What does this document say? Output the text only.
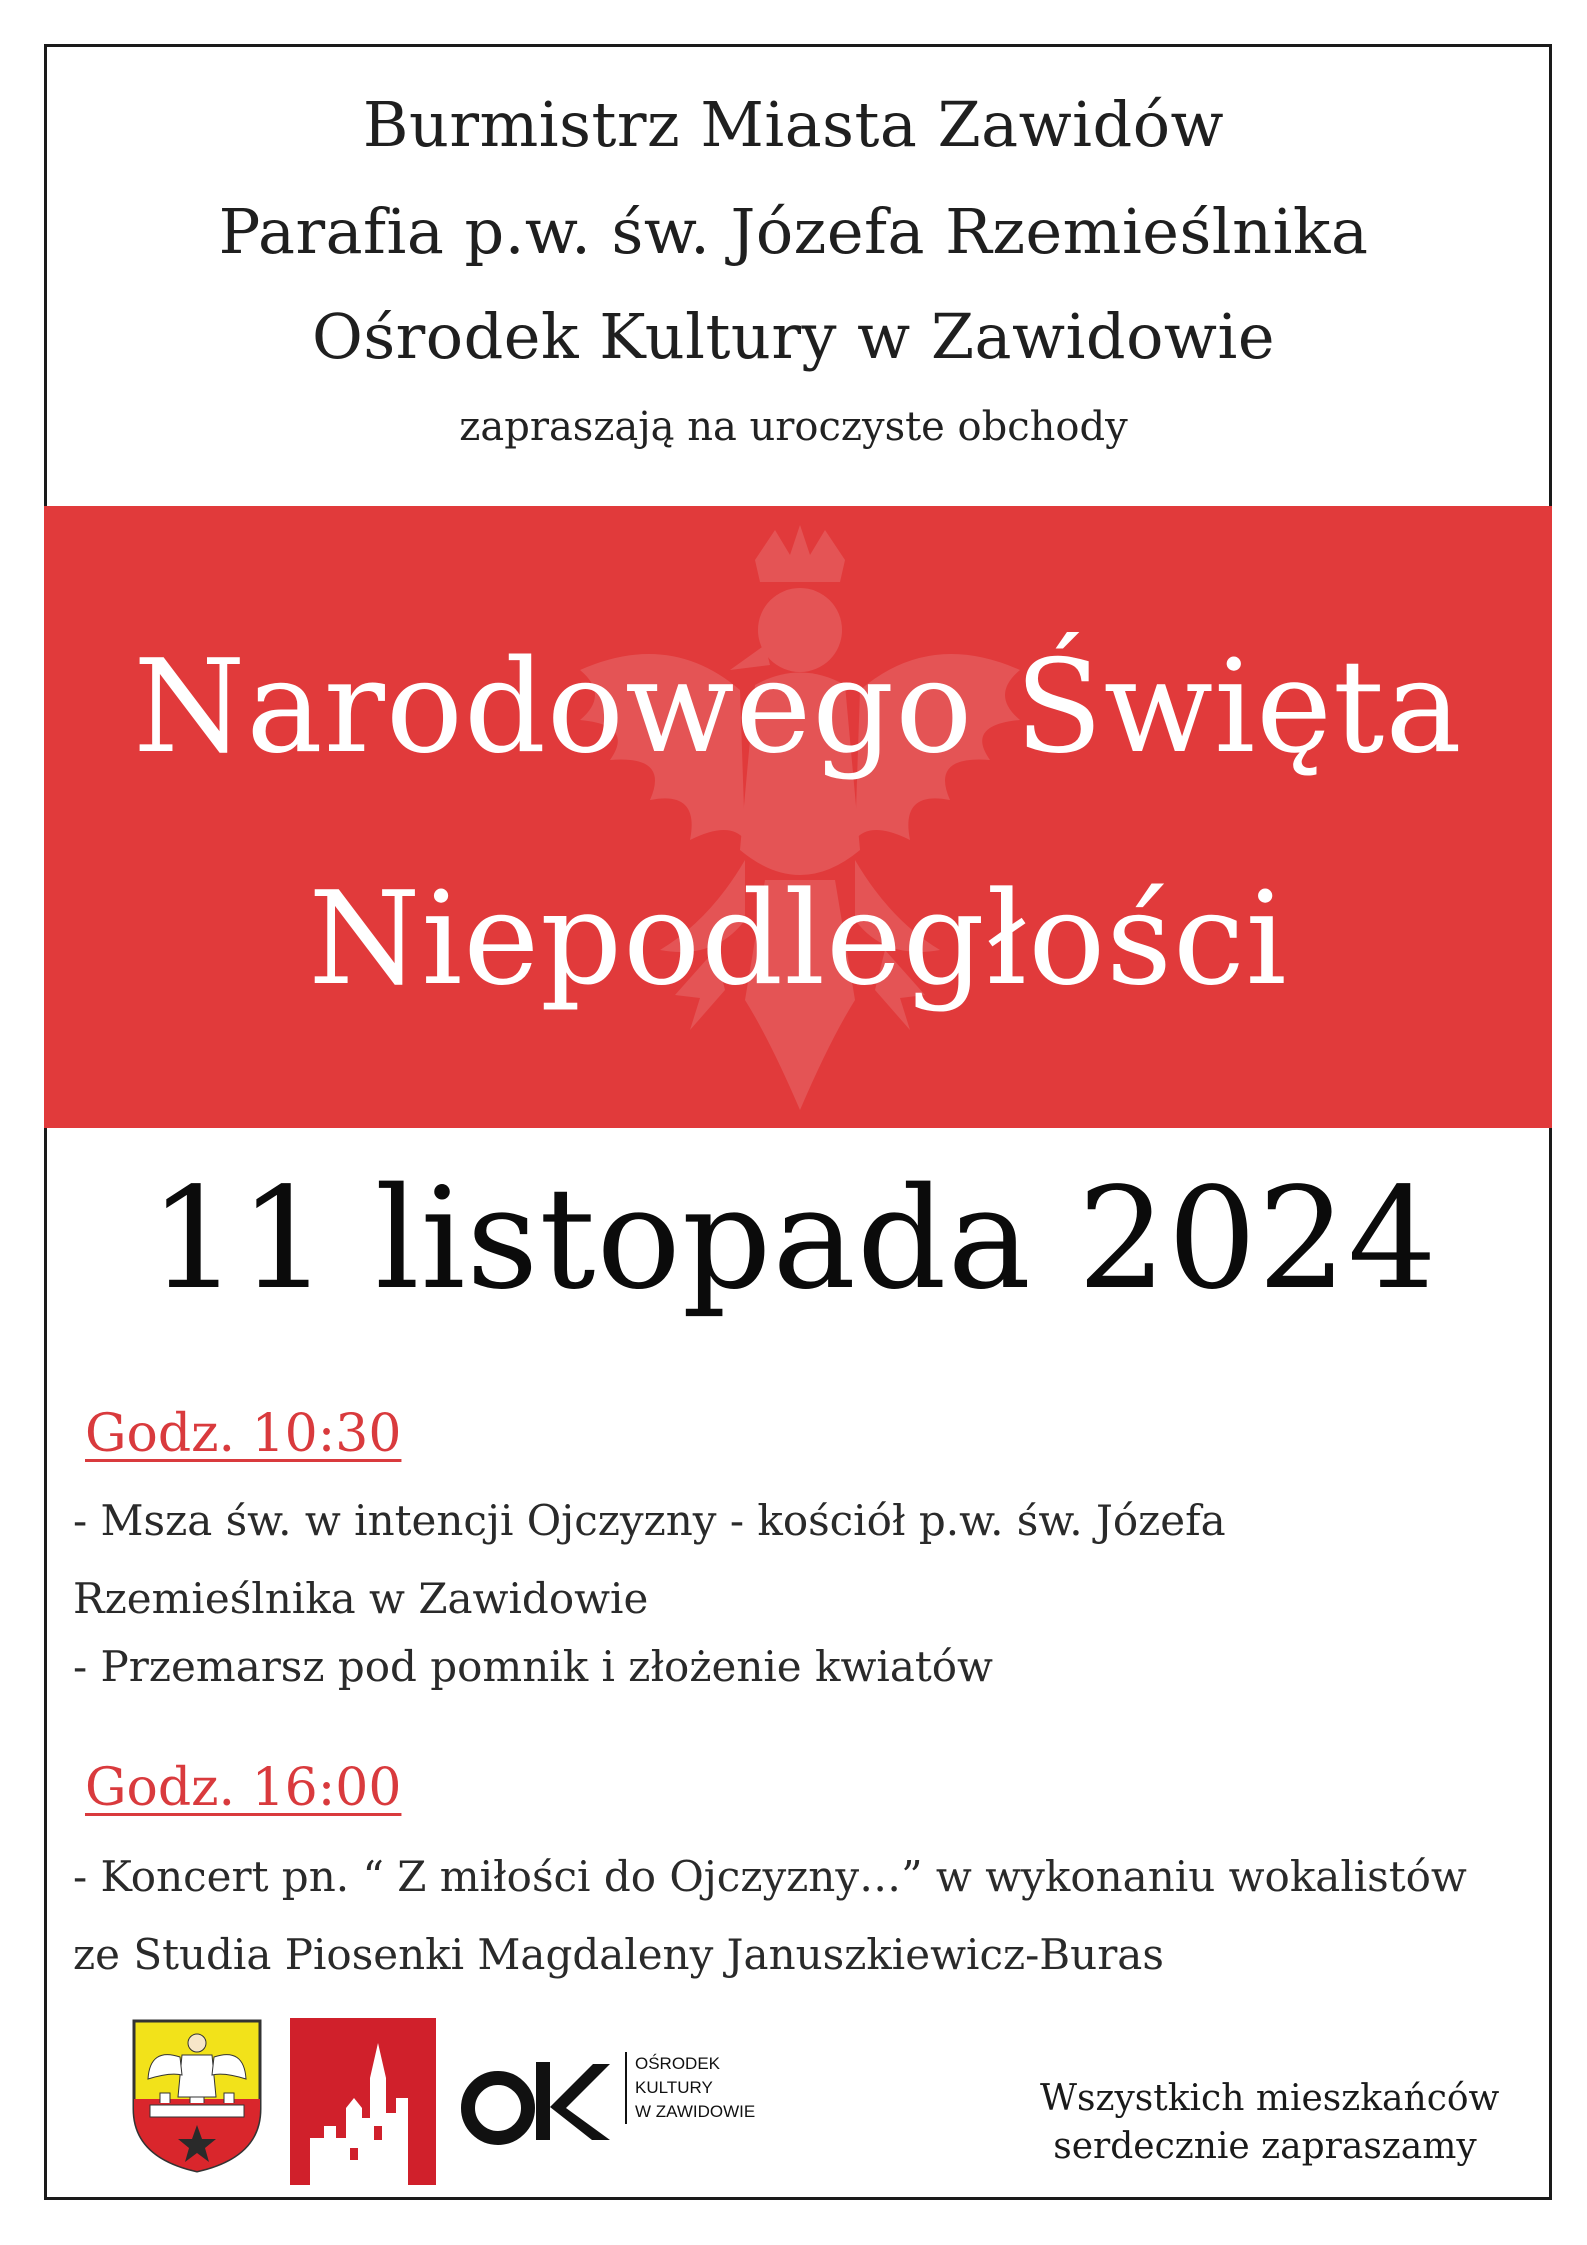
Burmistrz Miasta Zawidów
Parafia p.w. św. Józefa Rzemieślnika
Ośrodek Kultury w Zawidowie
zapraszają na uroczyste obchody
Narodowego Święta
Niepodległości
11 listopada 2024
Godz. 10:30
- Msza św. w intencji Ojczyzny - kościół p.w. św. Józefa Rzemieślnika w Zawidowie
- Przemarsz pod pomnik i złożenie kwiatów
Godz. 16:00
- Koncert pn. “ Z miłości do Ojczyzny…” w wykonaniu wokalistów ze Studia Piosenki Magdaleny Januszkiewicz-Buras
OŚRODEK
KULTURY
W ZAWIDOWIE	Wszystkich mieszkańców
serdecznie zapraszamy
